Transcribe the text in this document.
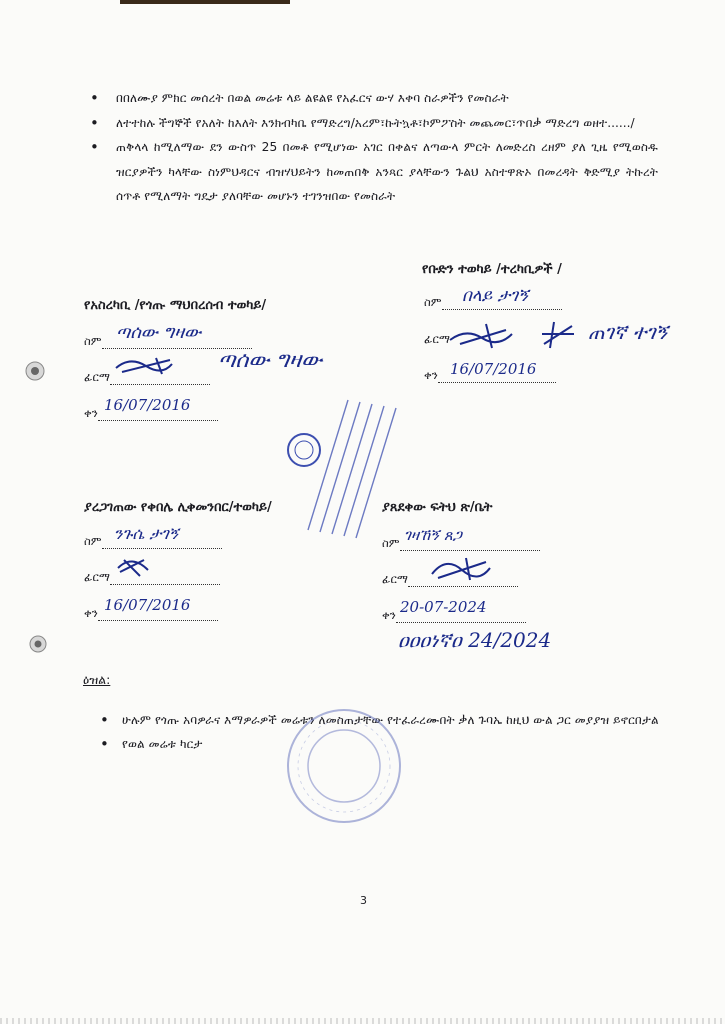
• በበለሙያ ምክር መሰረት በወል መሬቱ ላይ ልዩልዩ የአፈርና ውሃ እቀባ ስራዎችን የመስራት

• ለተተከሉ ችግኞች የአለት ከእለት እንክብካቤ የማድረግ/አረም፣ኩትኳቶ፣ኮምፖስት መጨመር፣ጥበቃ ማድረግ ወዘተ....../

• ጠቅላላ ከሚለማው ደን ውስጥ 25 በመቶ የሚሆነው አገር በቀልና ለጣውላ ምርት ለመድረስ ረዘም ያለ ጊዜ የሚወስዱ ዝርያዎችን ካላቸው ስነምህዳርና ብዝሃህይትን ከመጠበቅ አንጻር ያላቸውን ጉልህ አስተዋጽኦ በመረዳት ቅድሚያ ትኩረት ሰጥቶ የሚለማት ግዴታ ያለባቸው መሆኑን ተገንዝበው የመስራት

የቡድን ተወካይ /ተረካቢዎች /
ስም	በላይ ታገኝ
ፊርማ	ጠገኛ ተገኝ
ቀን 16/07/2016
የአስረካቢ /የጎጡ ማህበረሰብ ተወካይ/
ስም ጣሰው ግዛው
ፊርማ
ጣሰው ግዛው
ቀን 16/07/2016
ያረጋገጠው የቀበሌ ሊቀመንበር/ተወካይ/
ስም ንጉሴ ታገኝ
ፊርማ
ቀን 16/07/2016
ያጸደቀው ፍትህ ጽ/ቤት
ስም ገዛኸኝ ጸጋ
ፊርማ
ቀን 20-07-2024
ዐዐዐነኛዐ 24/2024
ዕዝል:
• ሁሉም የጎጡ አባዎራና እማዎራዎች መሬቱን ለመስጠታቸው የተፈራረሙበት ቃለ ጉባኤ ከዚህ ውል ጋር መያያዝ ይኖርበታል
• የወል መሬቱ ካርታ
3
